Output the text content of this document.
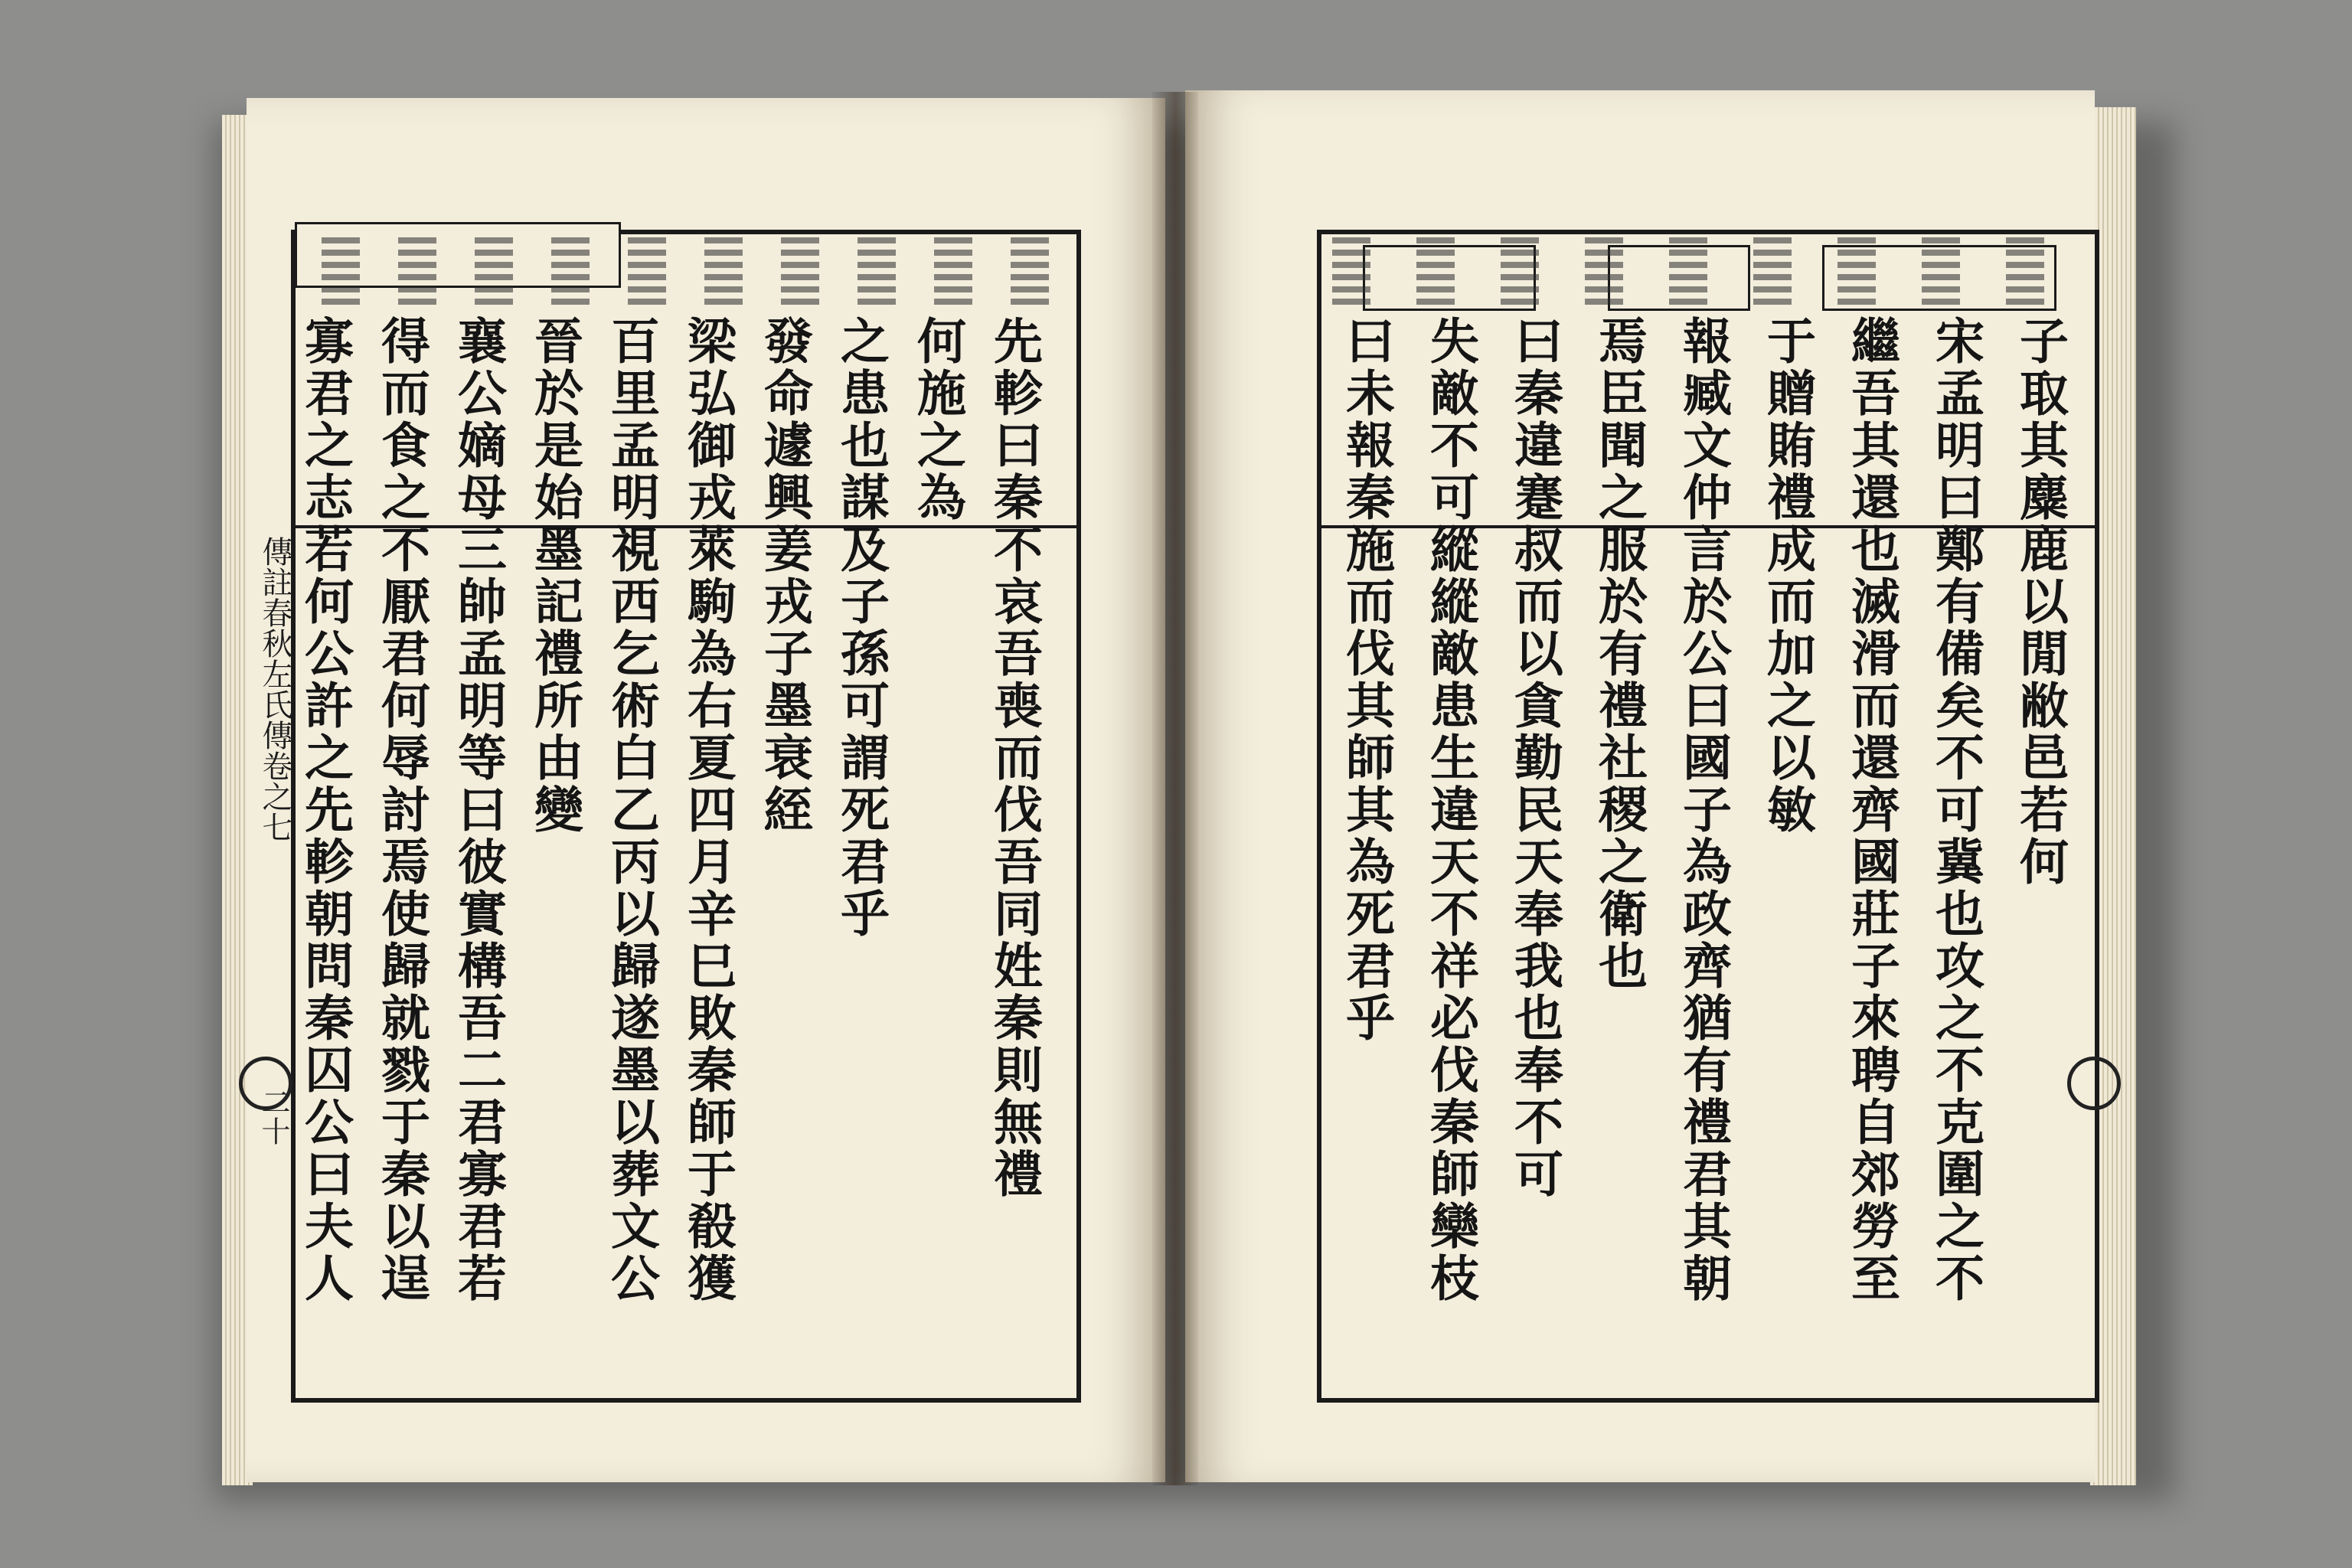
傳註春秋左氏傳卷之七
二十 寡君之志若何公許之先軫朝問秦囚公曰夫人 得而食之不厭君何辱討焉使歸就戮于秦以逞 襄公嫡母三帥孟明等曰彼實構吾二君寡君若 晉於是始墨記禮所由變 百里孟明視西乞術白乙丙以歸遂墨以葬文公 梁弘御戎萊駒為右夏四月辛巳敗秦師于殽獲 發命遽興姜戎子墨衰絰 之患也謀及子孫可謂死君乎 何施之為 先軫曰秦不哀吾喪而伐吾同姓秦則無禮	子取其麋鹿以閒敝邑若何
宋孟明曰鄭有備矣不可冀也攻之不克圍之不
繼吾其還也滅滑而還齊國莊子來聘自郊勞至
于贈賄禮成而加之以敏
報臧文仲言於公曰國子為政齊猶有禮君其朝
焉臣聞之服於有禮社稷之衛也
曰秦違蹇叔而以貪勤民天奉我也奉不可
失敵不可縱縱敵患生違天不祥必伐秦師欒枝
曰未報秦施而伐其師其為死君乎
